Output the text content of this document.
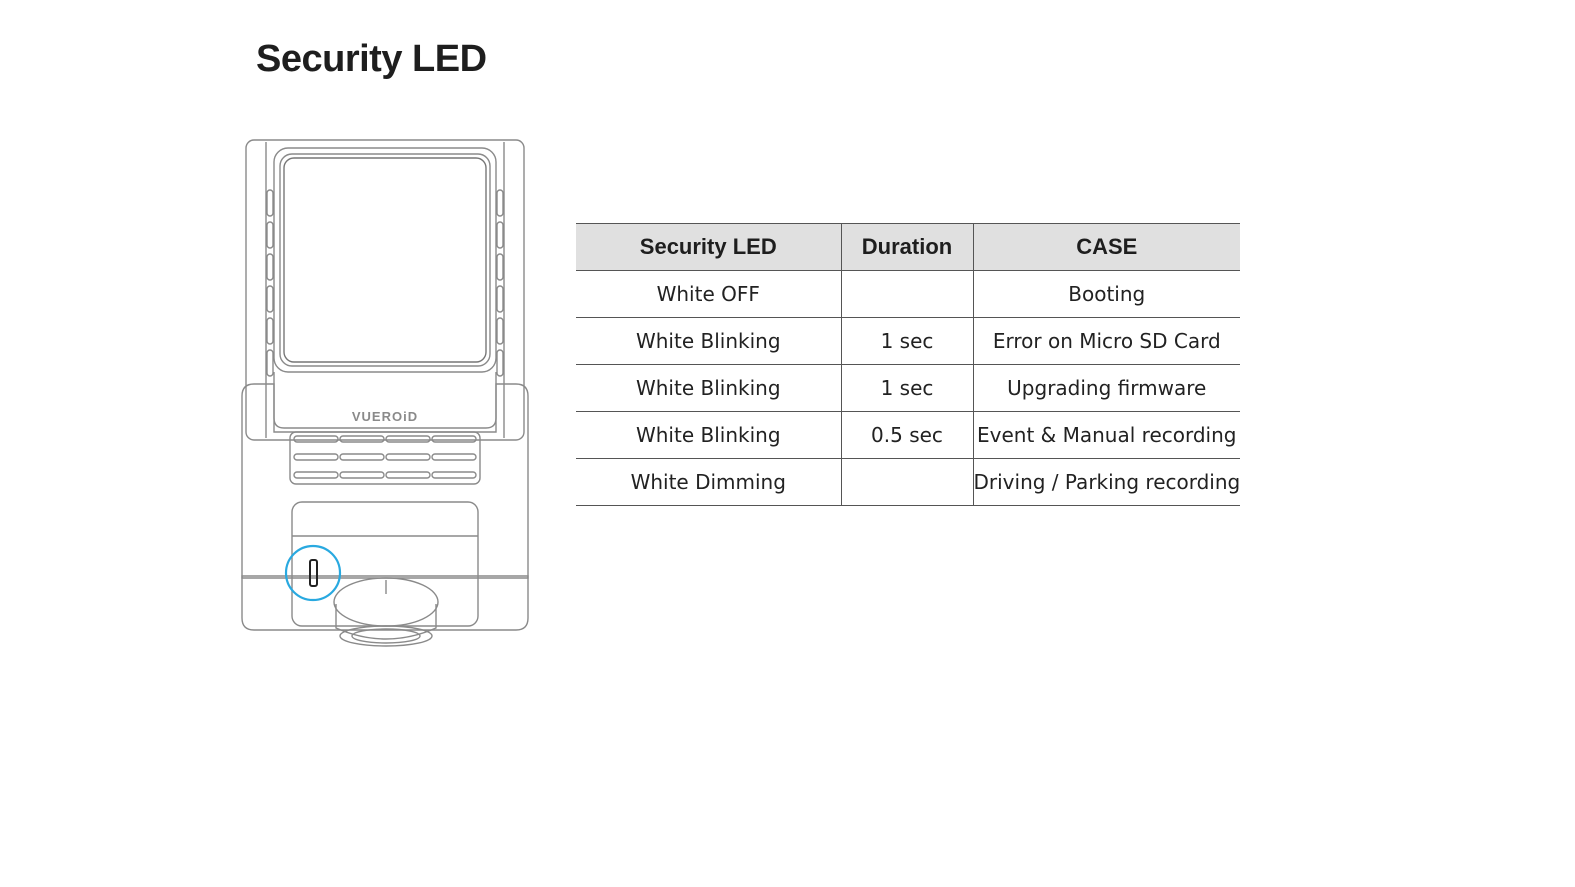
Security LED
VUEROiD
Security LED	Duration	CASE
White OFF		Booting
White Blinking	1 sec	Error on Micro SD Card
White Blinking	1 sec	Upgrading firmware
White Blinking	0.5 sec	Event & Manual recording
White Dimming		Driving / Parking recording
